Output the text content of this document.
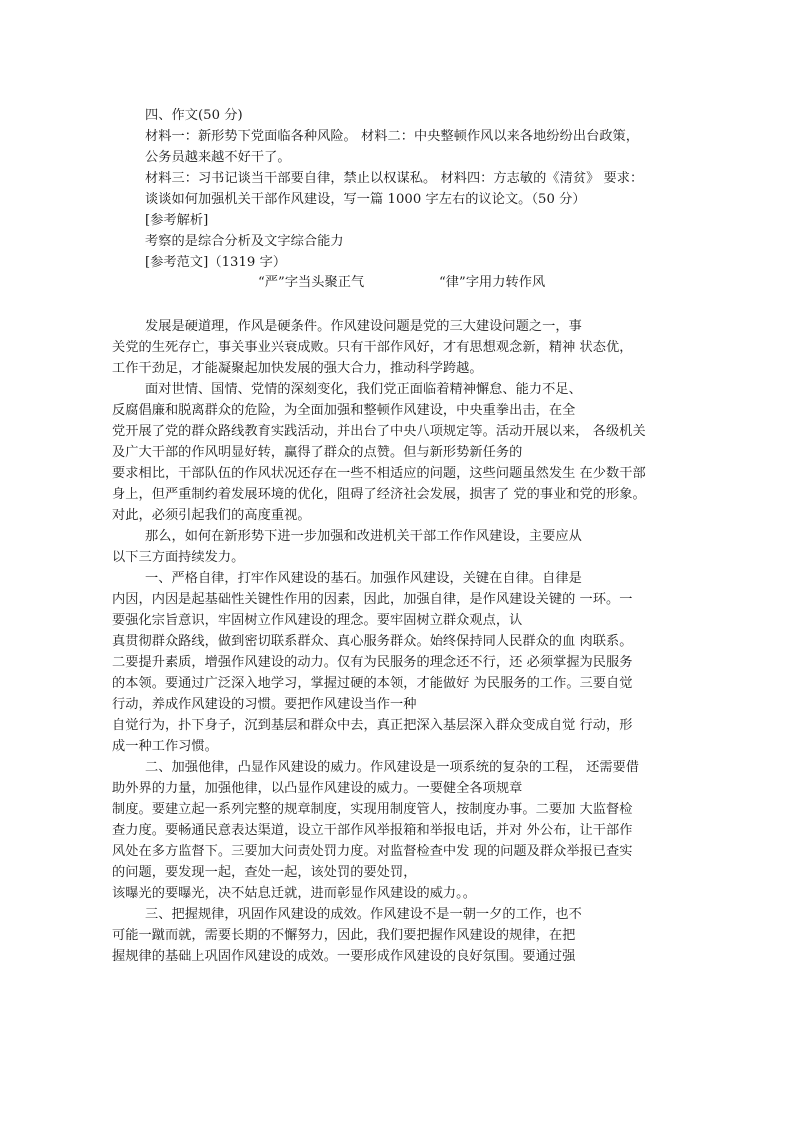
四、作文(50 分)
材料一：新形势下党面临各种风险。 材料二：中央整顿作风以来各地纷纷出台政策，
公务员越来越不好干了。
材料三：习书记谈当干部要自律，禁止以权谋私。 材料四：方志敏的《清贫》 要求：
谈谈如何加强机关干部作风建设，写一篇 1000 字左右的议论文。（50 分）
[参考解析]
考察的是综合分析及文字综合能力
[参考范文]（1319 字）
“严”字当头聚正气	“律”字用力转作风
发展是硬道理，作风是硬条件。作风建设问题是党的三大建设问题之一，事
关党的生死存亡，事关事业兴衰成败。只有干部作风好，才有思想观念新，精神 状态优，
工作干劲足，才能凝聚起加快发展的强大合力，推动科学跨越。
面对世情、国情、党情的深刻变化，我们党正面临着精神懈怠、能力不足、
反腐倡廉和脱离群众的危险，为全面加强和整顿作风建设，中央重拳出击，在全
党开展了党的群众路线教育实践活动，并出台了中央八项规定等。活动开展以来， 各级机关
及广大干部的作风明显好转，赢得了群众的点赞。但与新形势新任务的
要求相比，干部队伍的作风状况还存在一些不相适应的问题，这些问题虽然发生 在少数干部
身上，但严重制约着发展环境的优化，阻碍了经济社会发展，损害了 党的事业和党的形象。
对此，必须引起我们的高度重视。
那么，如何在新形势下进一步加强和改进机关干部工作作风建设，主要应从
以下三方面持续发力。
一、严格自律，打牢作风建设的基石。加强作风建设，关键在自律。自律是
内因，内因是起基础性关键性作用的因素，因此，加强自律，是作风建设关键的 一环。一
要强化宗旨意识，牢固树立作风建设的理念。要牢固树立群众观点，认
真贯彻群众路线，做到密切联系群众、真心服务群众。始终保持同人民群众的血 肉联系。
二要提升素质，增强作风建设的动力。仅有为民服务的理念还不行，还 必须掌握为民服务
的本领。要通过广泛深入地学习，掌握过硬的本领，才能做好 为民服务的工作。三要自觉
行动，养成作风建设的习惯。要把作风建设当作一种
自觉行为，扑下身子，沉到基层和群众中去，真正把深入基层深入群众变成自觉 行动，形
成一种工作习惯。
二、加强他律，凸显作风建设的威力。作风建设是一项系统的复杂的工程， 还需要借
助外界的力量，加强他律，以凸显作风建设的威力。一要健全各项规章
制度。要建立起一系列完整的规章制度，实现用制度管人，按制度办事。二要加 大监督检
查力度。要畅通民意表达渠道，设立干部作风举报箱和举报电话，并对 外公布，让干部作
风处在多方监督下。三要加大问责处罚力度。对监督检查中发 现的问题及群众举报已查实
的问题，要发现一起，查处一起，该处罚的要处罚，
该曝光的要曝光，决不姑息迁就，进而彰显作风建设的威力。。
三、把握规律，巩固作风建设的成效。作风建设不是一朝一夕的工作，也不
可能一蹴而就，需要长期的不懈努力，因此，我们要把握作风建设的规律，在把
握规律的基础上巩固作风建设的成效。一要形成作风建设的良好氛围。要通过强
